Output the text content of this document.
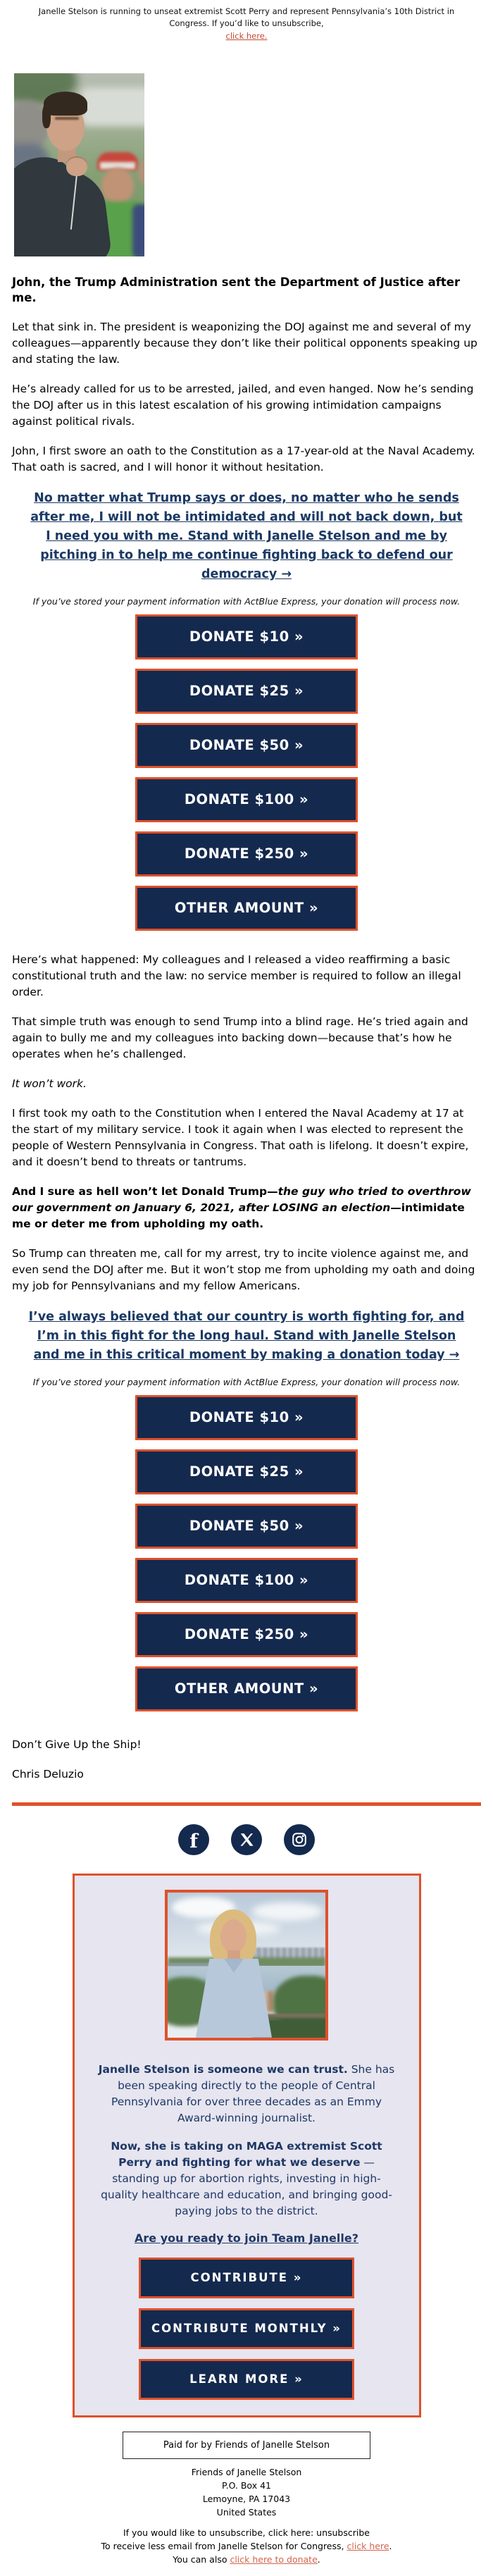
Janelle Stelson is running to unseat extremist Scott Perry and represent Pennsylvania’s 10th District in Congress. If you’d like to unsubscribe,
click here.

John, the Trump Administration sent the Department of Justice after me.

Let that sink in. The president is weaponizing the DOJ against me and several of my colleagues—apparently because they don’t like their political opponents speaking up and stating the law.

He’s already called for us to be arrested, jailed, and even hanged. Now he’s sending the DOJ after us in this latest escalation of his growing intimidation campaigns against political rivals.

John, I first swore an oath to the Constitution as a 17-year-old at the Naval Academy. That oath is sacred, and I will honor it without hesitation.

No matter what Trump says or does, no matter who he sends after me, I will not be intimidated and will not back down, but I need you with me. Stand with Janelle Stelson and me by pitching in to help me continue fighting back to defend our democracy →

If you’ve stored your payment information with ActBlue Express, your donation will process now.

DONATE $10 »
DONATE $25 »
DONATE $50 »
DONATE $100 »
DONATE $250 »
OTHER AMOUNT »

Here’s what happened: My colleagues and I released a video reaffirming a basic constitutional truth and the law: no service member is required to follow an illegal order.

That simple truth was enough to send Trump into a blind rage. He’s tried again and again to bully me and my colleagues into backing down—because that’s how he operates when he’s challenged.

It won’t work.

I first took my oath to the Constitution when I entered the Naval Academy at 17 at the start of my military service. I took it again when I was elected to represent the people of Western Pennsylvania in Congress. That oath is lifelong. It doesn’t expire, and it doesn’t bend to threats or tantrums.

And I sure as hell won’t let Donald Trump—the guy who tried to overthrow our government on January 6, 2021, after LOSING an election—intimidate me or deter me from upholding my oath.

So Trump can threaten me, call for my arrest, try to incite violence against me, and even send the DOJ after me. But it won’t stop me from upholding my oath and doing my job for Pennsylvanians and my fellow Americans.

I’ve always believed that our country is worth fighting for, and I’m in this fight for the long haul. Stand with Janelle Stelson and me in this critical moment by making a donation today →

If you’ve stored your payment information with ActBlue Express, your donation will process now.

DONATE $10 »
DONATE $25 »
DONATE $50 »
DONATE $100 »
DONATE $250 »
OTHER AMOUNT »

Don’t Give Up the Ship!

Chris Deluzio

f

Janelle Stelson is someone we can trust. She has been speaking directly to the people of Central Pennsylvania for over three decades as an Emmy Award-winning journalist.

Now, she is taking on MAGA extremist Scott Perry and fighting for what we deserve — standing up for abortion rights, investing in high-quality healthcare and education, and bringing good-paying jobs to the district.

Are you ready to join Team Janelle?

CONTRIBUTE »
CONTRIBUTE MONTHLY »
LEARN MORE »
Paid for by Friends of Janelle Stelson
Friends of Janelle Stelson
P.O. Box 41
Lemoyne, PA 17043
United States
If you would like to unsubscribe, click here: unsubscribe
To receive less email from Janelle Stelson for Congress, click here.
You can also click here to donate.
